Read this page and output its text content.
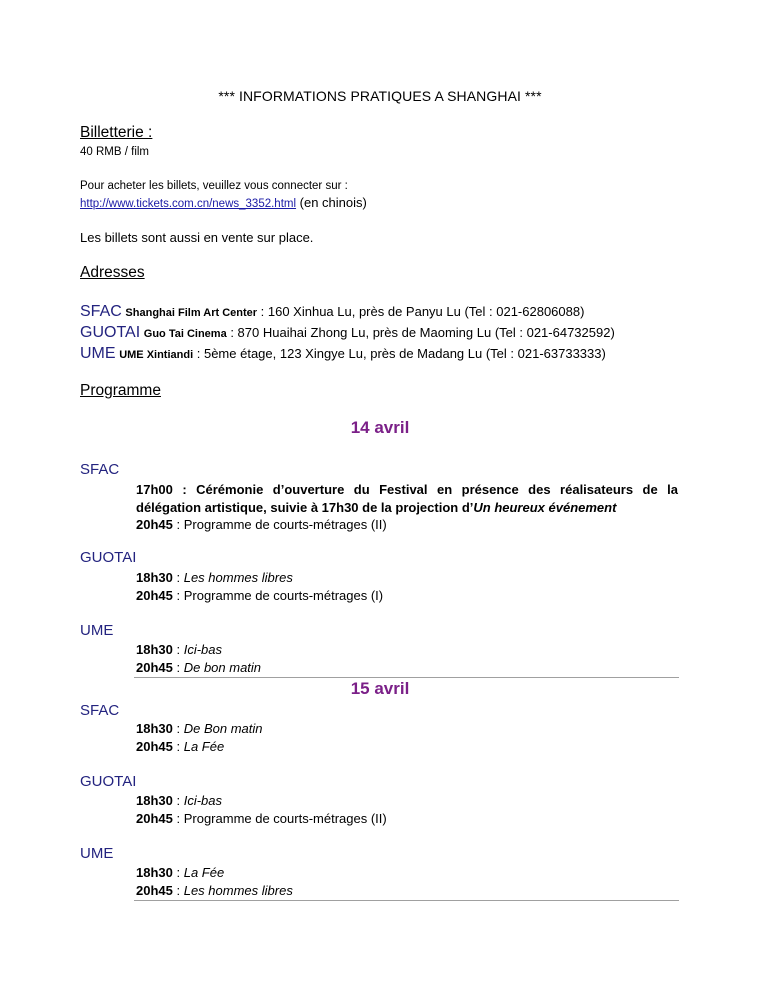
*** INFORMATIONS PRATIQUES A SHANGHAI ***
Billetterie :
40 RMB / film
Pour acheter les billets, veuillez vous connecter sur :
http://www.tickets.com.cn/news_3352.html (en chinois)
Les billets sont aussi en vente sur place.
Adresses
SFAC Shanghai Film Art Center : 160 Xinhua Lu, près de Panyu Lu (Tel : 021-62806088)
GUOTAI Guo Tai Cinema : 870 Huaihai Zhong Lu, près de Maoming Lu (Tel : 021-64732592)
UME UME Xintiandi : 5ème étage, 123 Xingye Lu, près de Madang Lu (Tel : 021-63733333)
Programme
14 avril
SFAC
17h00 : Cérémonie d’ouverture du Festival en présence des réalisateurs de la délégation artistique, suivie à 17h30 de la projection d’Un heureux événement
20h45 : Programme de courts-métrages (II)
GUOTAI
18h30 : Les hommes libres
20h45 : Programme de courts-métrages (I)
UME
18h30 : Ici-bas
20h45 : De bon matin
15 avril
SFAC
18h30 : De Bon matin
20h45 : La Fée
GUOTAI
18h30 : Ici-bas
20h45 : Programme de courts-métrages (II)
UME
18h30 : La Fée
20h45 : Les hommes libres
